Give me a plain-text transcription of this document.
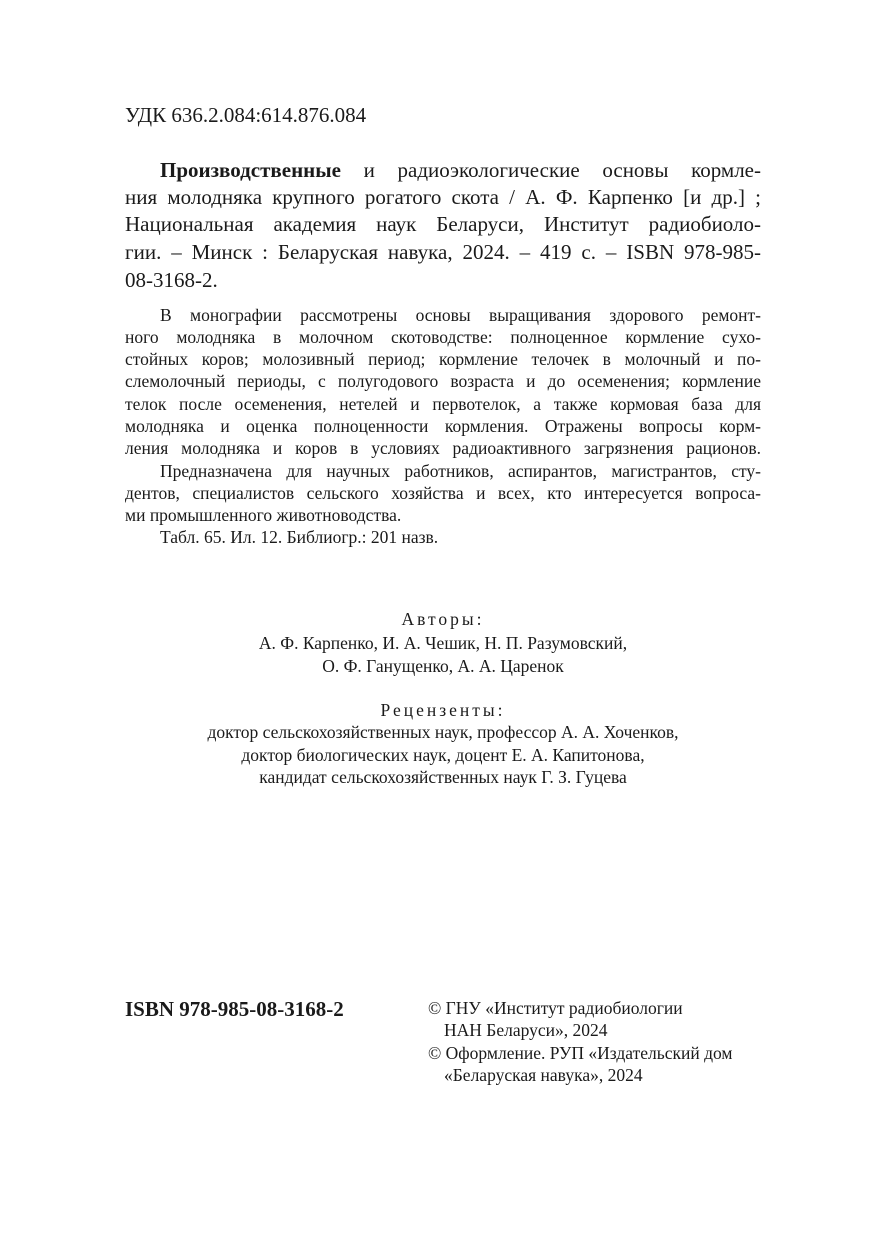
УДК 636.2.084:614.876.084
Производственные и радиоэкологические основы кормле-
ния молодняка крупного рогатого скота / А. Ф. Карпенко [и др.] ;
Национальная академия наук Беларуси, Институт радиобиоло-
гии. – Минск : Беларуская навука, 2024. – 419 с. – ISBN 978-985-
08-3168-2.
В монографии рассмотрены основы выращивания здорового ремонт-
ного молодняка в молочном скотоводстве: полноценное кормление сухо-
стойных коров; молозивный период; кормление телочек в молочный и по-
слемолочный периоды, с полугодового возраста и до осеменения; кормление
телок после осеменения, нетелей и первотелок, а также кормовая база для
молодняка и оценка полноценности кормления. Отражены вопросы корм-
ления молодняка и коров в условиях радиоактивного загрязнения рационов.
Предназначена для научных работников, аспирантов, магистрантов, сту-
дентов, специалистов сельского хозяйства и всех, кто интересуется вопроса-
ми промышленного животноводства.
Табл. 65. Ил. 12. Библиогр.: 201 назв.
Авторы:
А. Ф. Карпенко, И. А. Чешик, Н. П. Разумовский,
О. Ф. Ганущенко, А. А. Царенок
Рецензенты:
доктор сельскохозяйственных наук, профессор А. А. Хоченков,
доктор биологических наук, доцент Е. А. Капитонова,
кандидат сельскохозяйственных наук Г. З. Гуцева
ISBN 978-985-08-3168-2	© ГНУ «Институт радиобиологии
НАН Беларуси», 2024
© Оформление. РУП «Издательский дом
«Беларуская навука», 2024
